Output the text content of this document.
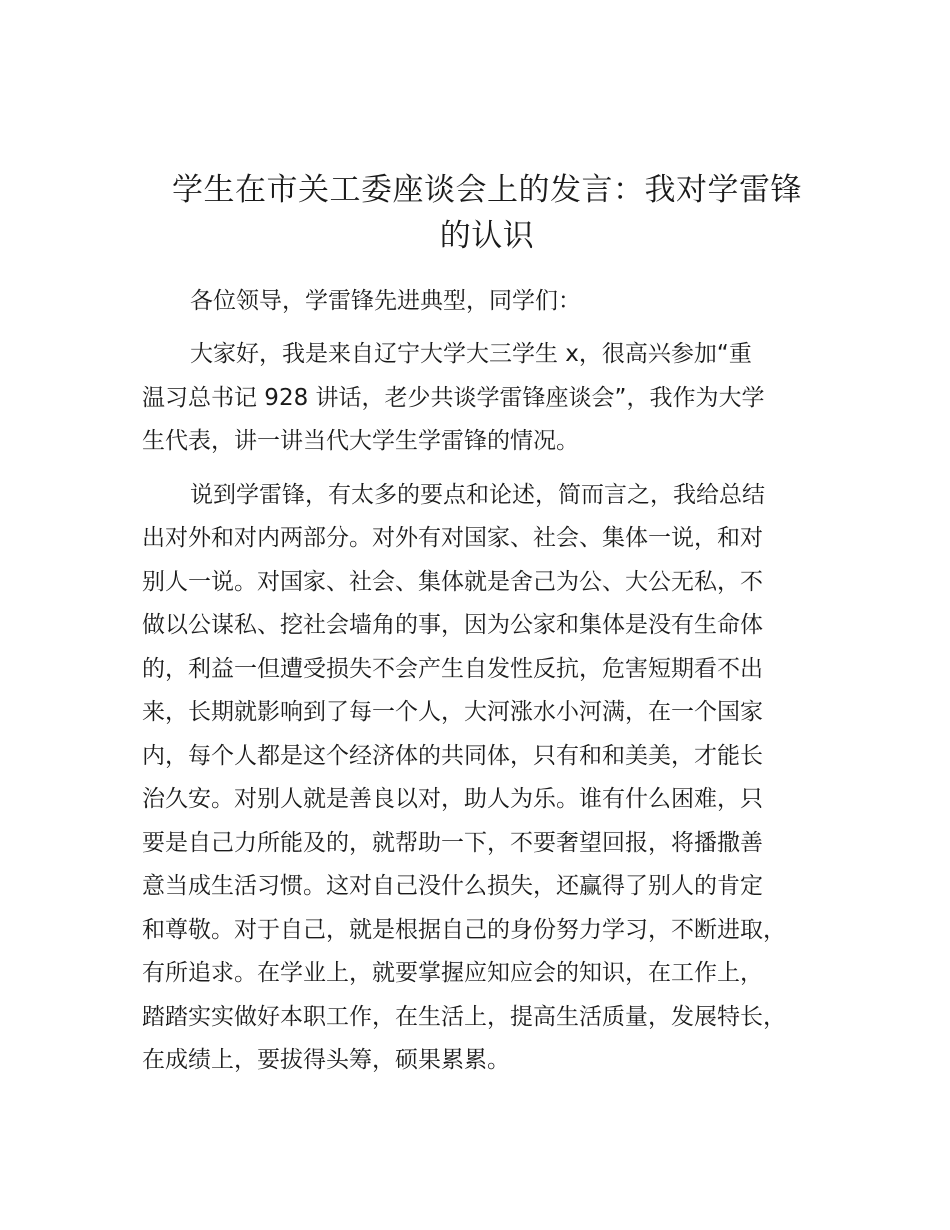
学生在市关工委座谈会上的发言：我对学雷锋
的认识

各位领导，学雷锋先进典型，同学们：

大家好，我是来自辽宁大学大三学生 x，很高兴参加“重
温习总书记 928 讲话，老少共谈学雷锋座谈会”，我作为大学
生代表，讲一讲当代大学生学雷锋的情况。

说到学雷锋，有太多的要点和论述，简而言之，我给总结
出对外和对内两部分。对外有对国家、社会、集体一说，和对
别人一说。对国家、社会、集体就是舍己为公、大公无私，不
做以公谋私、挖社会墙角的事，因为公家和集体是没有生命体
的，利益一但遭受损失不会产生自发性反抗，危害短期看不出
来，长期就影响到了每一个人，大河涨水小河满，在一个国家
内，每个人都是这个经济体的共同体，只有和和美美，才能长
治久安。对别人就是善良以对，助人为乐。谁有什么困难，只
要是自己力所能及的，就帮助一下，不要奢望回报，将播撒善
意当成生活习惯。这对自己没什么损失，还赢得了别人的肯定
和尊敬。对于自己，就是根据自己的身份努力学习，不断进取，
有所追求。在学业上，就要掌握应知应会的知识，在工作上，
踏踏实实做好本职工作，在生活上，提高生活质量，发展特长，
在成绩上，要拔得头筹，硕果累累。
